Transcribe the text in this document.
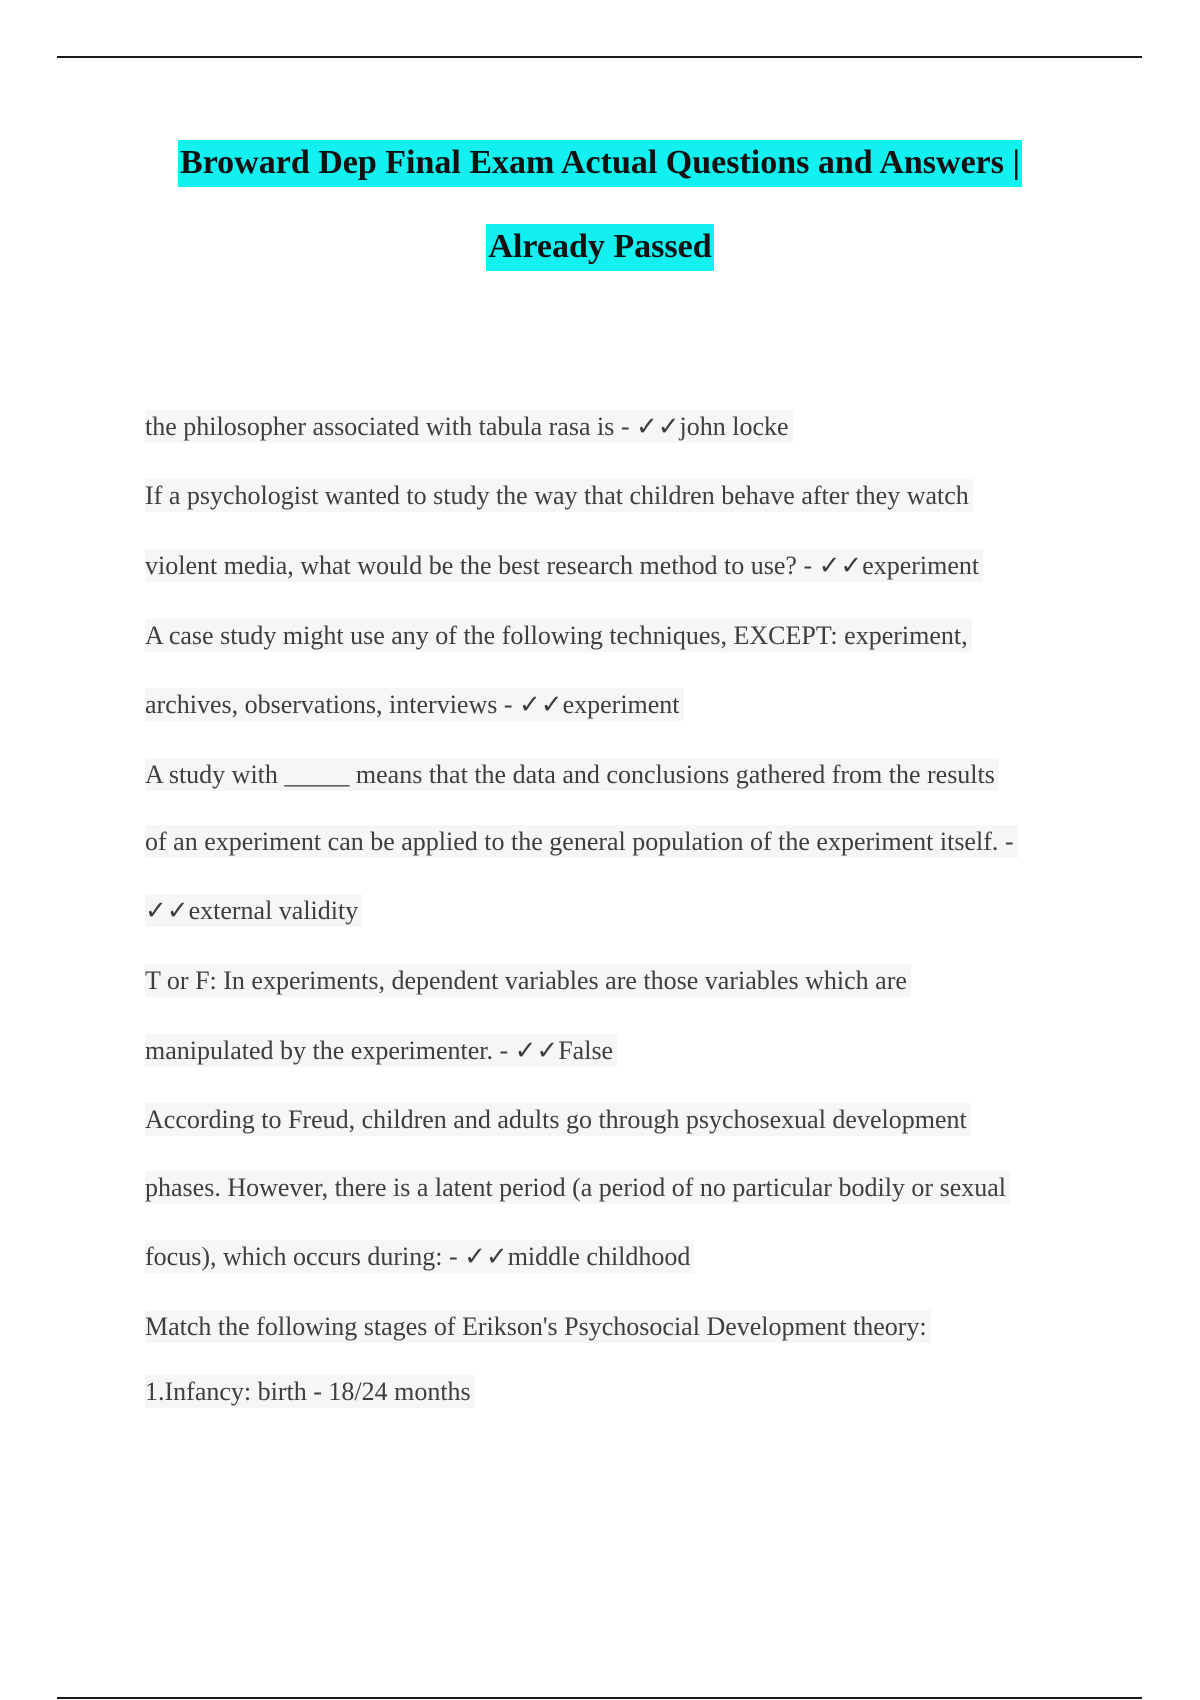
Broward Dep Final Exam Actual Questions and Answers |
Already Passed
the philosopher associated with tabula rasa is - ✓✓john locke
If a psychologist wanted to study the way that children behave after they watch
violent media, what would be the best research method to use? - ✓✓experiment
A case study might use any of the following techniques, EXCEPT: experiment,
archives, observations, interviews - ✓✓experiment
A study with _____ means that the data and conclusions gathered from the results
of an experiment can be applied to the general population of the experiment itself. -
✓✓external validity
T or F: In experiments, dependent variables are those variables which are
manipulated by the experimenter. - ✓✓False
According to Freud, children and adults go through psychosexual development
phases. However, there is a latent period (a period of no particular bodily or sexual
focus), which occurs during: - ✓✓middle childhood
Match the following stages of Erikson's Psychosocial Development theory:
1.Infancy: birth - 18/24 months
